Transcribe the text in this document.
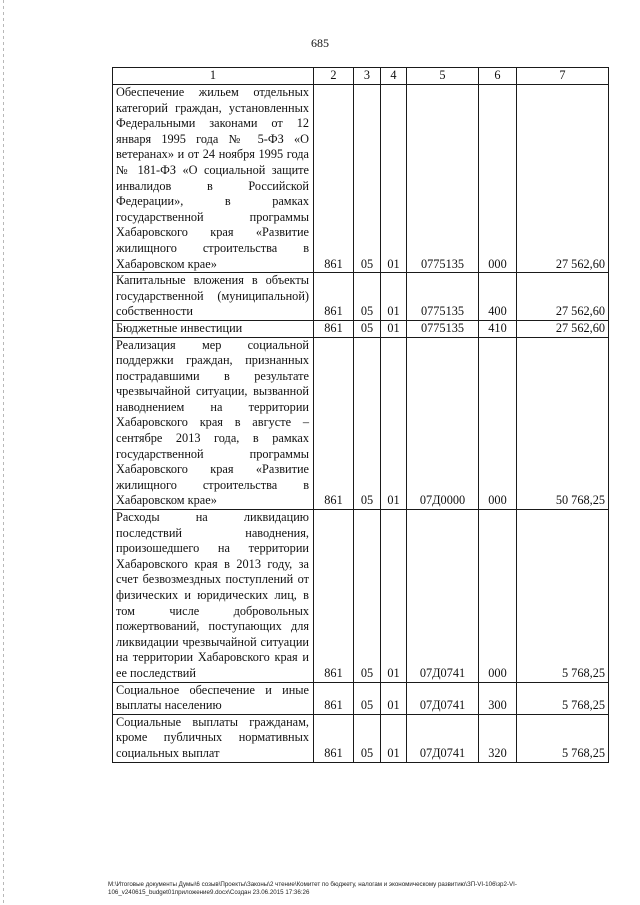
685
1	2	3	4	5	6	7
Обеспечение жильем отдельных категорий граждан, установленных Федеральными законами от 12 января 1995 года № 5-ФЗ «О ветеранах» и от 24 ноября 1995 года № 181-ФЗ «О социальной защите инвалидов в Российской Федерации», в рамках государственной программы Хабаровского края «Развитие жилищного строительства в Хабаровском крае»	861	05	01	0775135	000	27 562,60
Капитальные вложения в объекты государственной (муниципальной) собственности	861	05	01	0775135	400	27 562,60
Бюджетные инвестиции	861	05	01	0775135	410	27 562,60
Реализация мер социальной поддержки граждан, признанных пострадавшими в результате чрезвычайной ситуации, вызванной наводнением на территории Хабаровского края в августе – сентябре 2013 года, в рамках государственной программы Хабаровского края «Развитие жилищного строительства в Хабаровском крае»	861	05	01	07Д0000	000	50 768,25
Расходы на ликвидацию последствий наводнения, произошедшего на территории Хабаровского края в 2013 году, за счет безвозмездных поступлений от физических и юридических лиц, в том числе добровольных пожертвований, поступающих для ликвидации чрезвычайной ситуации на территории Хабаровского края и ее последствий	861	05	01	07Д0741	000	5 768,25
Социальное обеспечение и иные выплаты населению	861	05	01	07Д0741	300	5 768,25
Социальные выплаты гражданам, кроме публичных нормативных социальных выплат	861	05	01	07Д0741	320	5 768,25
M:\Итоговые документы Думы\6 созыв\Проекты\Законы\2 чтение\Комитет по бюджету, налогам и экономическому развитию\ЗП-VI-106\зр2-VI-106_v240615_budget01приложение9.docx\Создан 23.06.2015 17:36:26
